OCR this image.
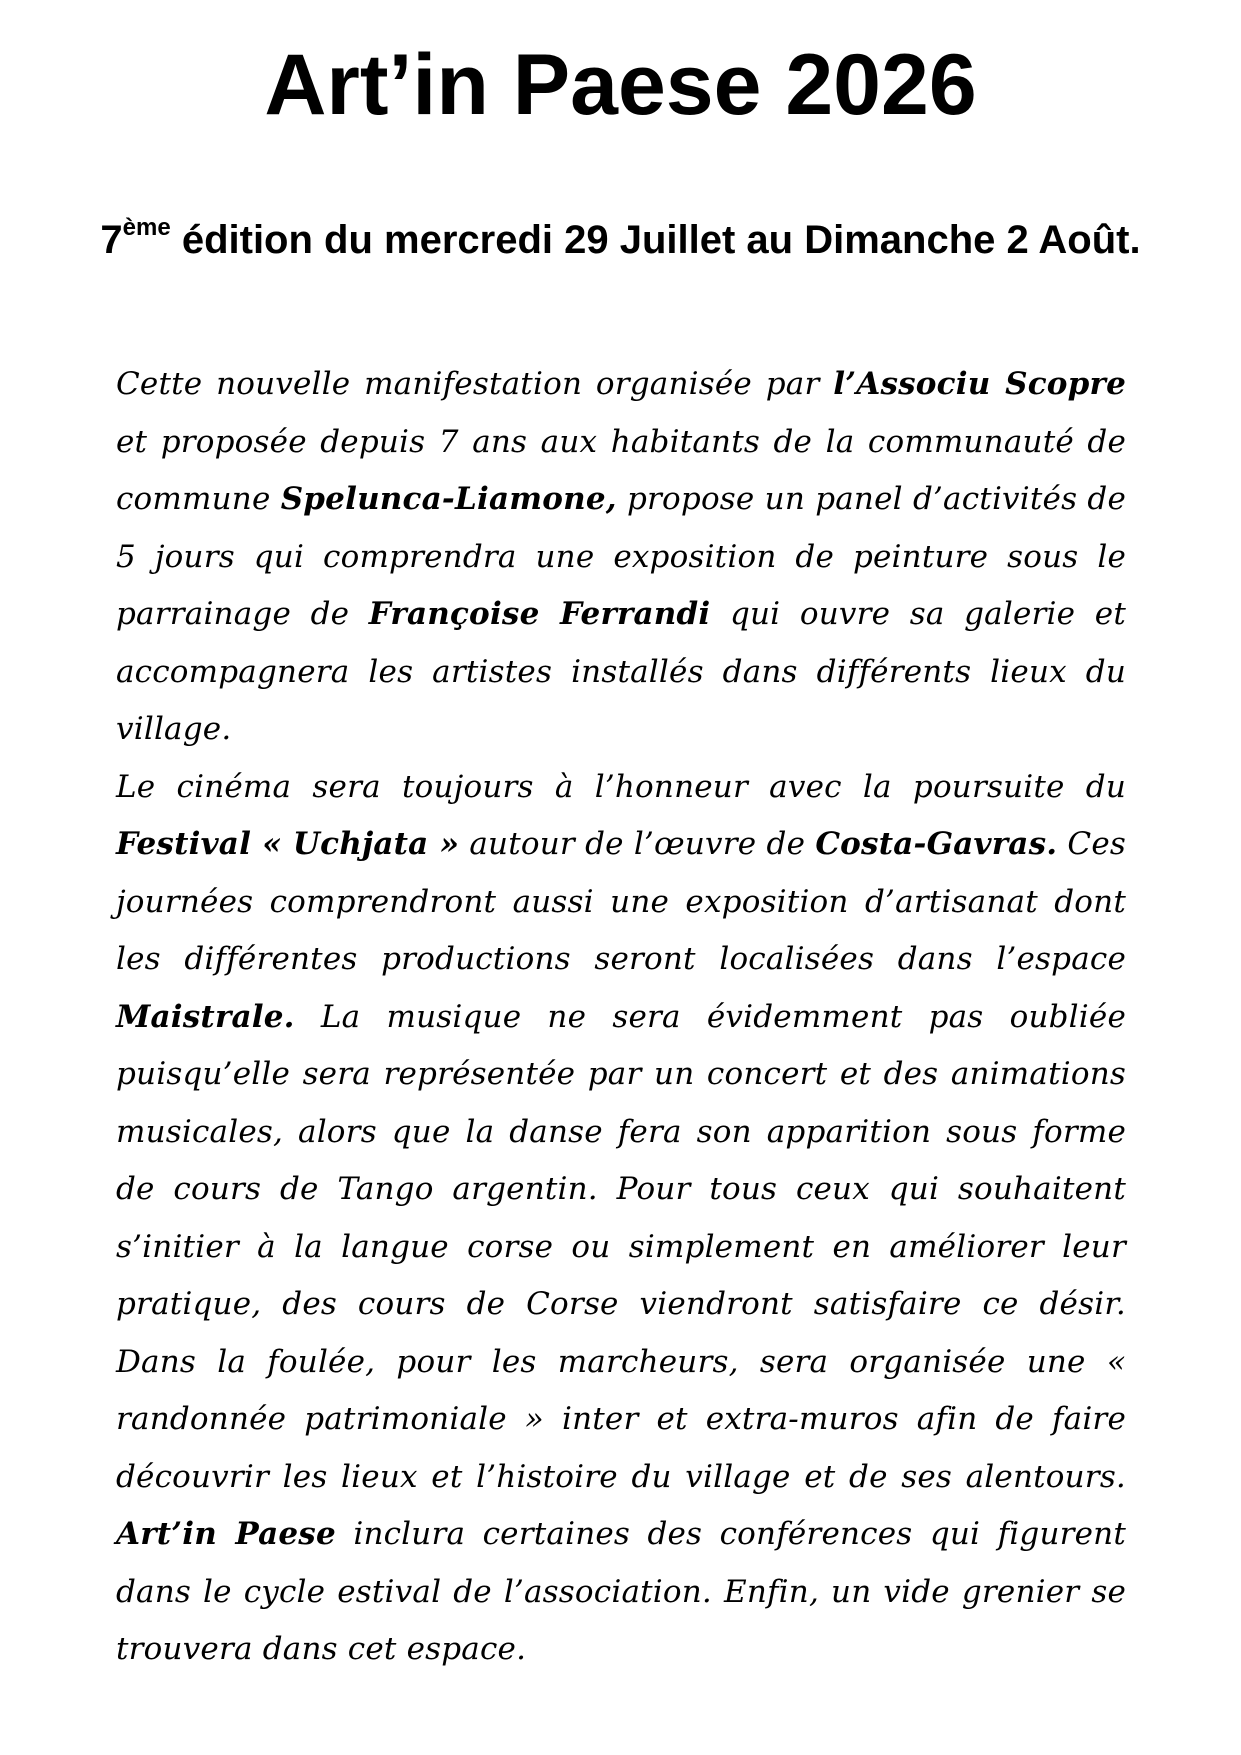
Art’in Paese 2026
7ème édition du mercredi 29 Juillet au Dimanche 2 Août.
Cette nouvelle manifestation organisée par l’Associu Scopre et proposée depuis 7 ans aux habitants de la communauté de commune Spelunca-Liamone, propose un panel d’activités de 5 jours qui comprendra une exposition de peinture sous le parrainage de Françoise Ferrandi qui ouvre sa galerie et accompagnera les artistes installés dans différents lieux du village.
Le cinéma sera toujours à l’honneur avec la poursuite du Festival « Uchjata » autour de l’œuvre de Costa-Gavras. Ces journées comprendront aussi une exposition d’artisanat dont les différentes productions seront localisées dans l’espace Maistrale. La musique ne sera évidemment pas oubliée puisqu’elle sera représentée par un concert et des animations musicales, alors que la danse fera son apparition sous forme de cours de Tango argentin. Pour tous ceux qui souhaitent s’initier à la langue corse ou simplement en améliorer leur pratique, des cours de Corse viendront satisfaire ce désir. Dans la foulée, pour les marcheurs, sera organisée une « randonnée patrimoniale » inter et extra-muros afin de faire découvrir les lieux et l’histoire du village et de ses alentours. Art’in Paese inclura certaines des conférences qui figurent dans le cycle estival de l’association. Enfin, un vide grenier se trouvera dans cet espace.
